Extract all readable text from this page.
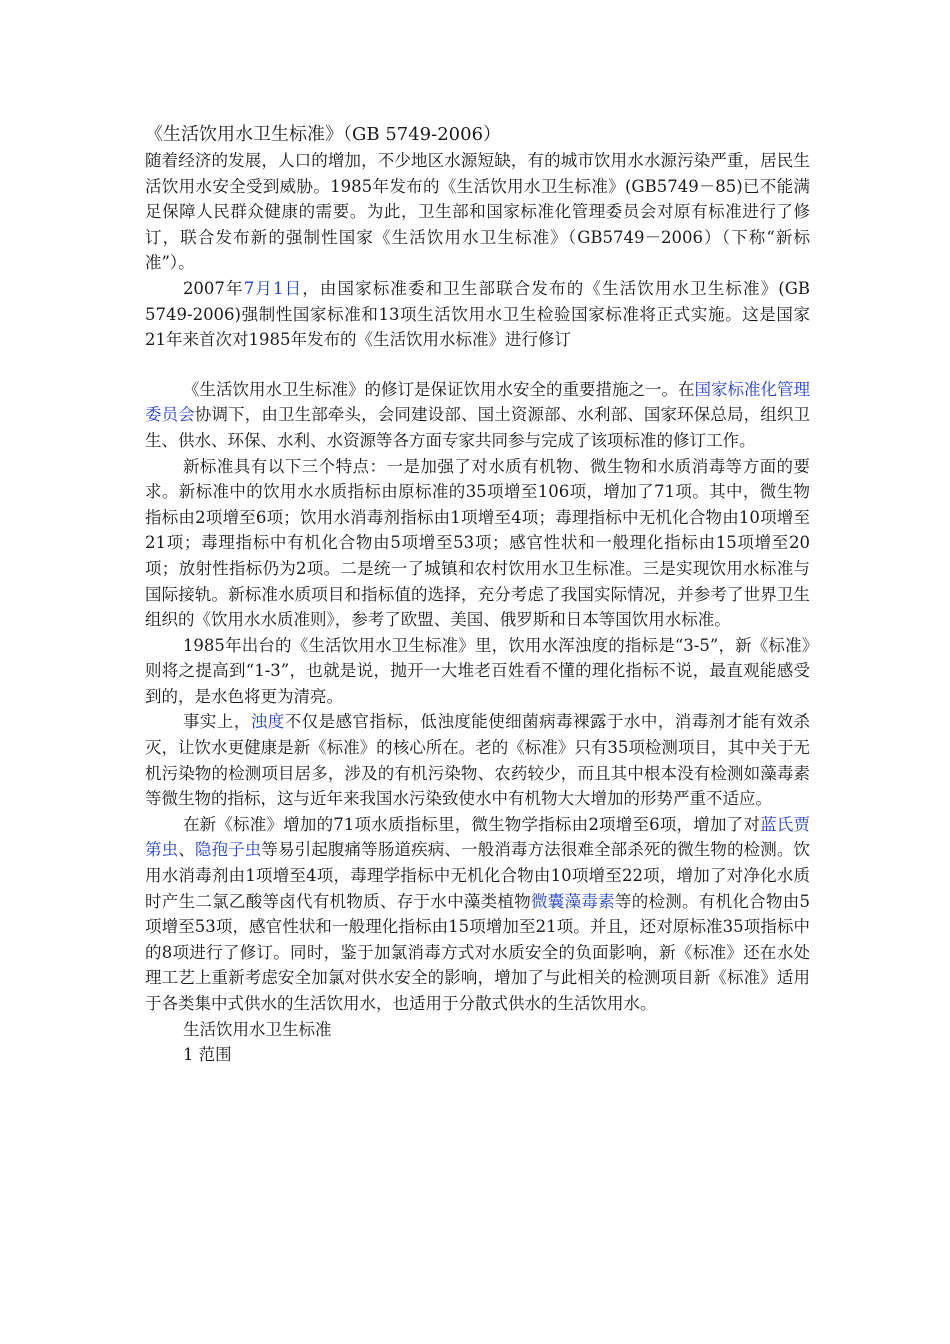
《生活饮用水卫生标准》（GB 5749-2006）

随着经济的发展，人口的增加，不少地区水源短缺，有的城市饮用水水源污染严重，居民生活饮用水安全受到威胁。1985年发布的《生活饮用水卫生标准》(GB5749－85)已不能满足保障人民群众健康的需要。为此，卫生部和国家标准化管理委员会对原有标准进行了修订，联合发布新的强制性国家《生活饮用水卫生标准》（GB5749－2006）（下称“新标准”）。

2007年7月1日，由国家标准委和卫生部联合发布的《生活饮用水卫生标准》(GB 5749-2006)强制性国家标准和13项生活饮用水卫生检验国家标准将正式实施。这是国家21年来首次对1985年发布的《生活饮用水标准》进行修订

《生活饮用水卫生标准》的修订是保证饮用水安全的重要措施之一。在国家标准化管理委员会协调下，由卫生部牵头，会同建设部、国土资源部、水利部、国家环保总局，组织卫生、供水、环保、水利、水资源等各方面专家共同参与完成了该项标准的修订工作。

新标准具有以下三个特点：一是加强了对水质有机物、微生物和水质消毒等方面的要求。新标准中的饮用水水质指标由原标准的35项增至106项，增加了71项。其中，微生物指标由2项增至6项；饮用水消毒剂指标由1项增至4项；毒理指标中无机化合物由10项增至21项；毒理指标中有机化合物由5项增至53项；感官性状和一般理化指标由15项增至20项；放射性指标仍为2项。二是统一了城镇和农村饮用水卫生标准。三是实现饮用水标准与国际接轨。新标准水质项目和指标值的选择，充分考虑了我国实际情况，并参考了世界卫生组织的《饮用水水质准则》，参考了欧盟、美国、俄罗斯和日本等国饮用水标准。

1985年出台的《生活饮用水卫生标准》里，饮用水浑浊度的指标是“3-5”，新《标准》则将之提高到“1-3”，也就是说，抛开一大堆老百姓看不懂的理化指标不说，最直观能感受到的，是水色将更为清亮。

事实上，浊度不仅是感官指标，低浊度能使细菌病毒裸露于水中，消毒剂才能有效杀灭，让饮水更健康是新《标准》的核心所在。老的《标准》只有35项检测项目，其中关于无机污染物的检测项目居多，涉及的有机污染物、农药较少，而且其中根本没有检测如藻毒素等微生物的指标，这与近年来我国水污染致使水中有机物大大增加的形势严重不适应。

在新《标准》增加的71项水质指标里，微生物学指标由2项增至6项，增加了对蓝氏贾第虫、隐孢子虫等易引起腹痛等肠道疾病、一般消毒方法很难全部杀死的微生物的检测。饮用水消毒剂由1项增至4项，毒理学指标中无机化合物由10项增至22项，增加了对净化水质时产生二氯乙酸等卤代有机物质、存于水中藻类植物微囊藻毒素等的检测。有机化合物由5项增至53项，感官性状和一般理化指标由15项增加至21项。并且，还对原标准35项指标中的8项进行了修订。同时，鉴于加氯消毒方式对水质安全的负面影响，新《标准》还在水处理工艺上重新考虑安全加氯对供水安全的影响，增加了与此相关的检测项目新《标准》适用于各类集中式供水的生活饮用水，也适用于分散式供水的生活饮用水。

生活饮用水卫生标准

1 范围
